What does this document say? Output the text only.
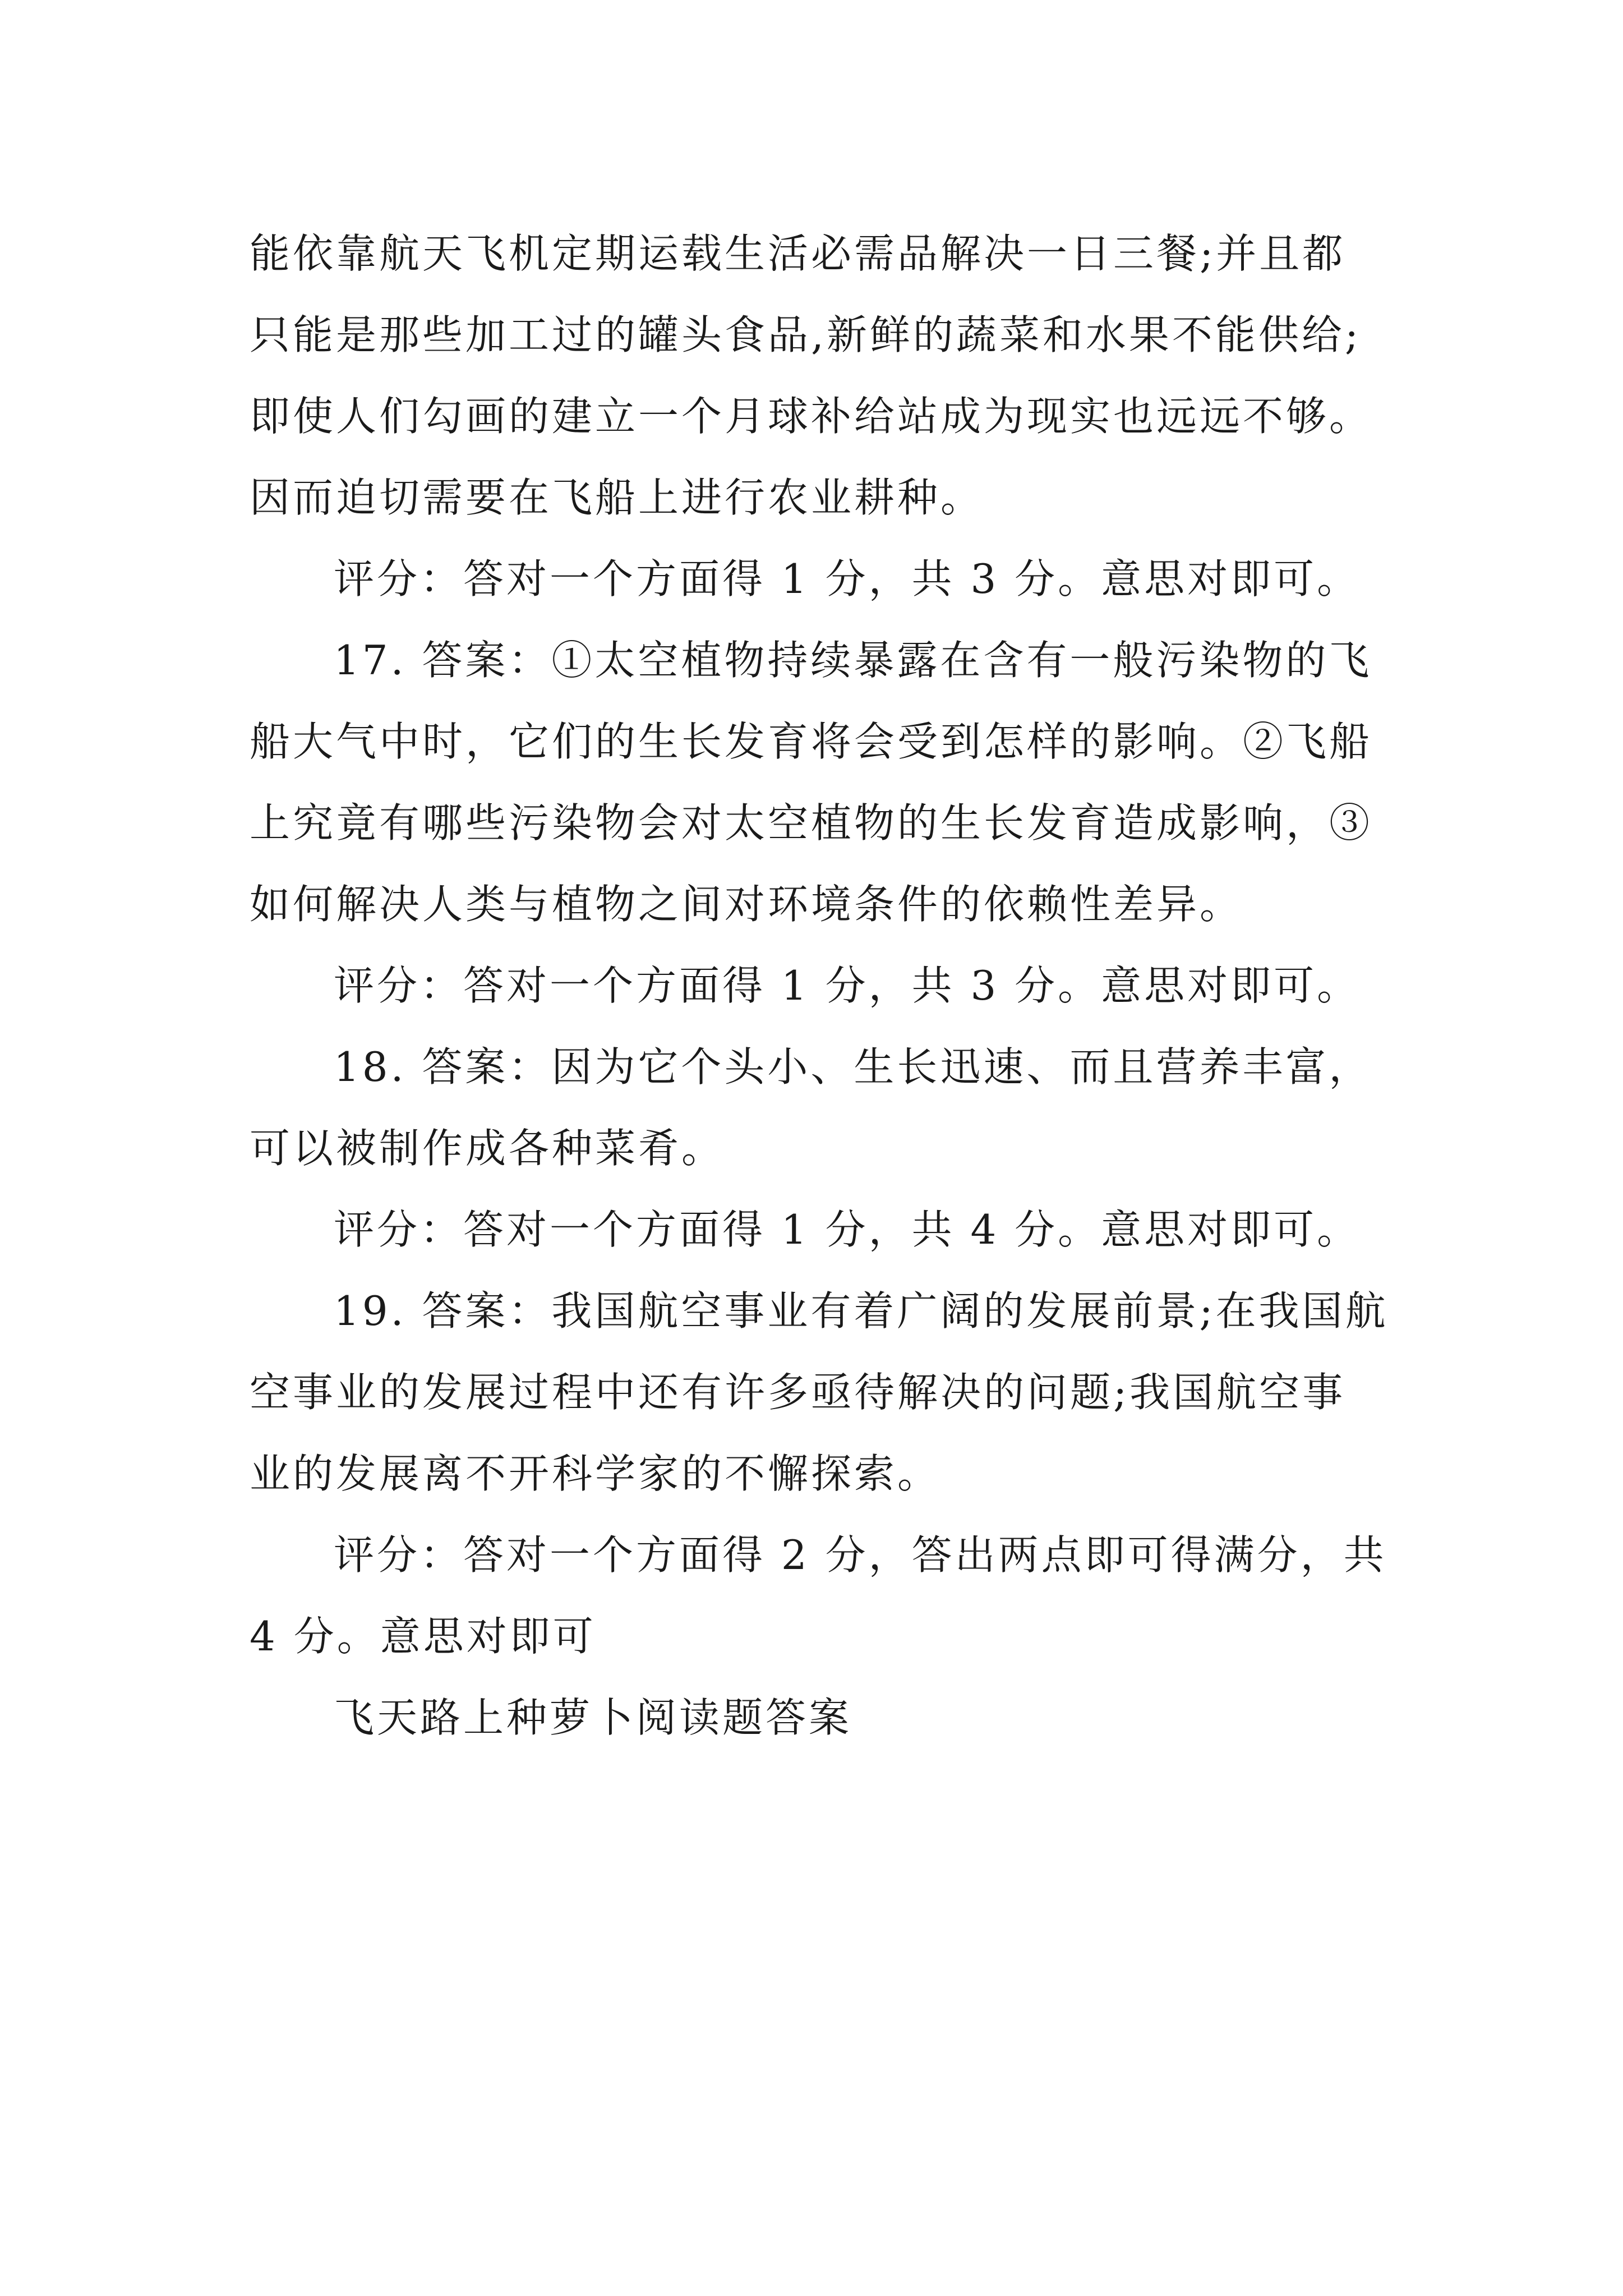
能依靠航天飞机定期运载生活必需品解决一日三餐;并且都
只能是那些加工过的罐头食品,新鲜的蔬菜和水果不能供给;
即使人们勾画的建立一个月球补给站成为现实也远远不够。
因而迫切需要在飞船上进行农业耕种。
评分：答对一个方面得 1 分，共 3 分。意思对即可。
17. 答案：①太空植物持续暴露在含有一般污染物的飞
船大气中时，它们的生长发育将会受到怎样的影响。②飞船
上究竟有哪些污染物会对太空植物的生长发育造成影响，③
如何解决人类与植物之间对环境条件的依赖性差异。
评分：答对一个方面得 1 分，共 3 分。意思对即可。
18. 答案：因为它个头小、生长迅速、而且营养丰富，
可以被制作成各种菜肴。
评分：答对一个方面得 1 分，共 4 分。意思对即可。
19. 答案：我国航空事业有着广阔的发展前景;在我国航
空事业的发展过程中还有许多亟待解决的问题;我国航空事
业的发展离不开科学家的不懈探索。
评分：答对一个方面得 2 分，答出两点即可得满分，共
4 分。意思对即可
飞天路上种萝卜阅读题答案
